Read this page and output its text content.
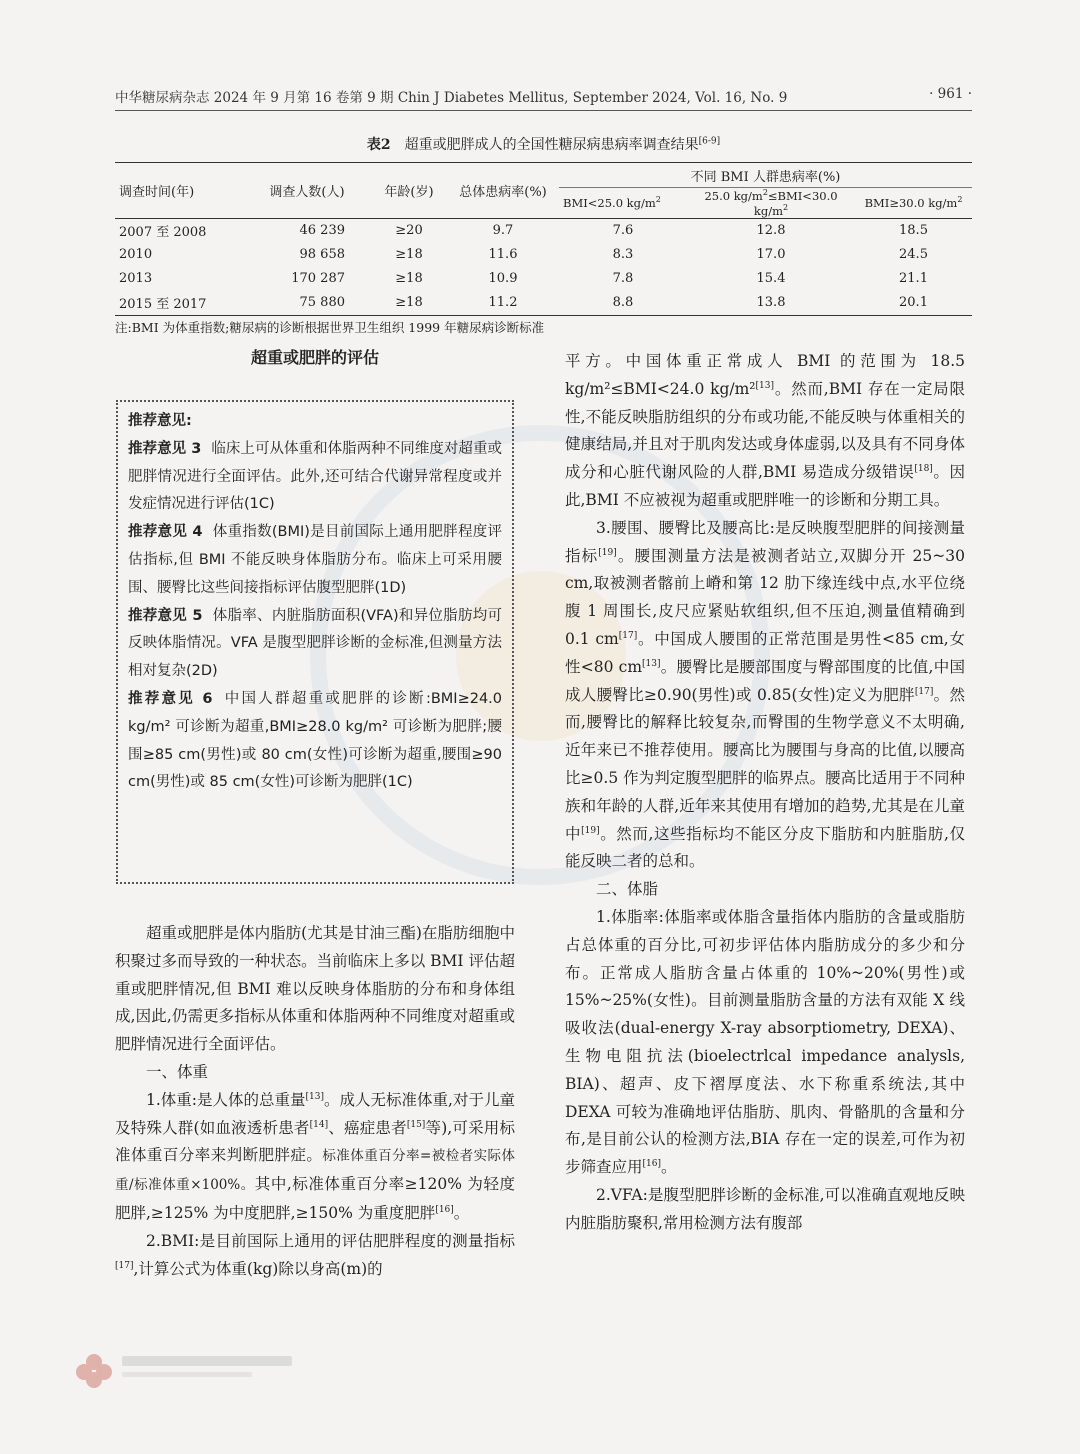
中华糖尿病杂志 2024 年 9 月第 16 卷第 9 期 Chin J Diabetes Mellitus, September 2024, Vol. 16, No. 9	· 961 ·
表2 超重或肥胖成人的全国性糖尿病患病率调查结果[6-9]
调查时间(年)	调查人数(人)	年龄(岁)	总体患病率(%)	不同 BMI 人群患病率(%)		
				BMI<25.0 $kg/m^2$	25.0 $kg/m^2\le BMI<30.0$ $kg/m^2$	BMI≥30.0 $kg/m^2$
2007 至 2008	46 239	≥20	9.7	7.6	12.8	18.5
2010	98 658	≥18	11.6	8.3	17.0	24.5
2013	170 287	≥18	10.9	7.8	15.4	21.1
2015 至 2017	75 880	≥18	11.2	8.8	13.8	20.1
注:BMI 为体重指数;糖尿病的诊断根据世界卫生组织 1999 年糖尿病诊断标准
超重或肥胖的评估

推荐意见:

推荐意见 3 临床上可从体重和体脂两种不同维度对超重或肥胖情况进行全面评估。此外,还可结合代谢异常程度或并发症情况进行评估(1C)

推荐意见 4 体重指数(BMI)是目前国际上通用肥胖程度评估指标,但 BMI 不能反映身体脂肪分布。临床上可采用腰围、腰臀比这些间接指标评估腹型肥胖(1D)

推荐意见 5 体脂率、内脏脂肪面积(VFA)和异位脂肪均可反映体脂情况。VFA 是腹型肥胖诊断的金标准,但测量方法相对复杂(2D)

推荐意见 6 中国人群超重或肥胖的诊断:BMI≥24.0 kg/m² 可诊断为超重,BMI≥28.0 kg/m² 可诊断为肥胖;腰围≥85 cm(男性)或 80 cm(女性)可诊断为超重,腰围≥90 cm(男性)或 85 cm(女性)可诊断为肥胖(1C)

超重或肥胖是体内脂肪(尤其是甘油三酯)在脂肪细胞中积聚过多而导致的一种状态。当前临床上多以 BMI 评估超重或肥胖情况,但 BMI 难以反映身体脂肪的分布和身体组成,因此,仍需更多指标从体重和体脂两种不同维度对超重或肥胖情况进行全面评估。

一、体重

1.体重:是人体的总重量[13]。成人无标准体重,对于儿童及特殊人群(如血液透析患者[14]、癌症患者[15]等),可采用标准体重百分率来判断肥胖症。标准体重百分率=被检者实际体重/标准体重×100%。其中,标准体重百分率≥120% 为轻度肥胖,≥125% 为中度肥胖,≥150% 为重度肥胖[16]。

2.BMI:是目前国际上通用的评估肥胖程度的测量指标[17],计算公式为体重(kg)除以身高(m)的

平方。中国体重正常成人 BMI 的范围为 18.5 kg/m²≤BMI<24.0 kg/m²[13]。然而,BMI 存在一定局限性,不能反映脂肪组织的分布或功能,不能反映与体重相关的健康结局,并且对于肌肉发达或身体虚弱,以及具有不同身体成分和心脏代谢风险的人群,BMI 易造成分级错误[18]。因此,BMI 不应被视为超重或肥胖唯一的诊断和分期工具。

3.腰围、腰臀比及腰高比:是反映腹型肥胖的间接测量指标[19]。腰围测量方法是被测者站立,双脚分开 25~30 cm,取被测者髂前上嵴和第 12 肋下缘连线中点,水平位绕腹 1 周围长,皮尺应紧贴软组织,但不压迫,测量值精确到 0.1 cm[17]。中国成人腰围的正常范围是男性<85 cm,女性<80 cm[13]。腰臀比是腰部围度与臀部围度的比值,中国成人腰臀比≥0.90(男性)或 0.85(女性)定义为肥胖[17]。然而,腰臀比的解释比较复杂,而臀围的生物学意义不太明确,近年来已不推荐使用。腰高比为腰围与身高的比值,以腰高比≥0.5 作为判定腹型肥胖的临界点。腰高比适用于不同种族和年龄的人群,近年来其使用有增加的趋势,尤其是在儿童中[19]。然而,这些指标均不能区分皮下脂肪和内脏脂肪,仅能反映二者的总和。

二、体脂

1.体脂率:体脂率或体脂含量指体内脂肪的含量或脂肪占总体重的百分比,可初步评估体内脂肪成分的多少和分布。正常成人脂肪含量占体重的 10%~20%(男性)或 15%~25%(女性)。目前测量脂肪含量的方法有双能 X 线吸收法(dual-energy X-ray absorptiometry, DEXA)、生物电阻抗法(bioelectrlcal impedance analysls, BIA)、超声、皮下褶厚度法、水下称重系统法,其中 DEXA 可较为准确地评估脂肪、肌肉、骨骼肌的含量和分布,是目前公认的检测方法,BIA 存在一定的误差,可作为初步筛查应用[16]。

2.VFA:是腹型肥胖诊断的金标准,可以准确直观地反映内脏脂肪聚积,常用检测方法有腹部
